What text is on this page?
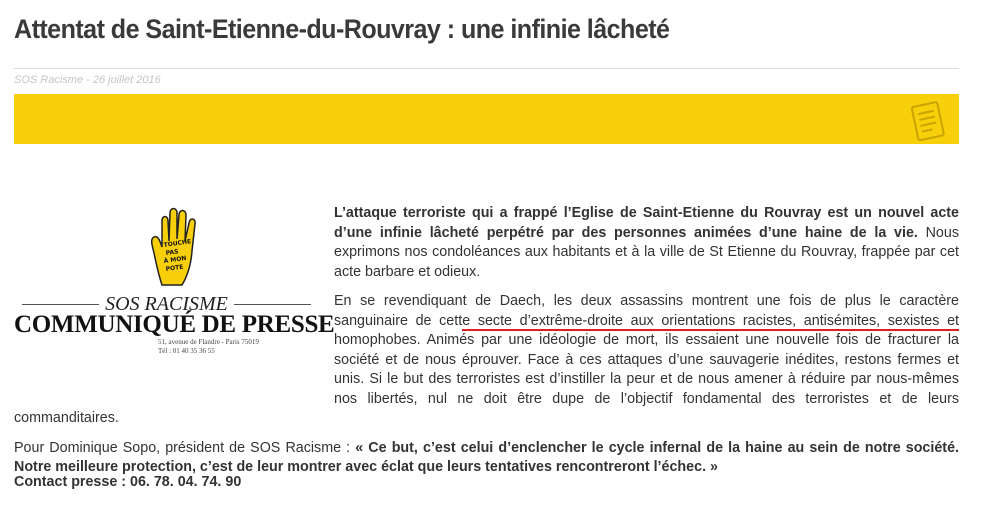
Attentat de Saint-Etienne-du-Rouvray : une infinie lâcheté
SOS Racisme - 26 juillet 2016
TOUCHE
PAS
À MON
POTE
SOS RACISME
COMMUNIQUÉ DE PRESSE
51, avenue de Flandre - Paris 75019
Tél : 01 40 35 36 55

L’attaque terroriste qui a frappé l’Eglise de Saint-Etienne du Rouvray est un nouvel acte d’une infinie lâcheté perpétré par des personnes animées d’une haine de la vie. Nous exprimons nos condoléances aux habitants et à la ville de St Etienne du Rouvray, frappée par cet acte barbare et odieux.

En se revendiquant de Daech, les deux assassins montrent une fois de plus le caractère sanguinaire de cette secte d’extrême-droite aux orientations racistes, antisémites, sexistes et homophobes. Animés par une idéologie de mort, ils essaient une nouvelle fois de fracturer la société et de nous éprouver. Face à ces attaques d’une sauvagerie inédites, restons fermes et unis. Si le but des terroristes est d’instiller la peur et de nous amener à réduire par nous-mêmes nos libertés, nul ne doit être dupe de l’objectif fondamental des terroristes et de leurs commanditaires.

Pour Dominique Sopo, président de SOS Racisme : « Ce but, c’est celui d’enclencher le cycle infernal de la haine au sein de notre société. Notre meilleure protection, c’est de leur montrer avec éclat que leurs tentatives rencontreront l’échec. »

Contact presse : 06. 78. 04. 74. 90
